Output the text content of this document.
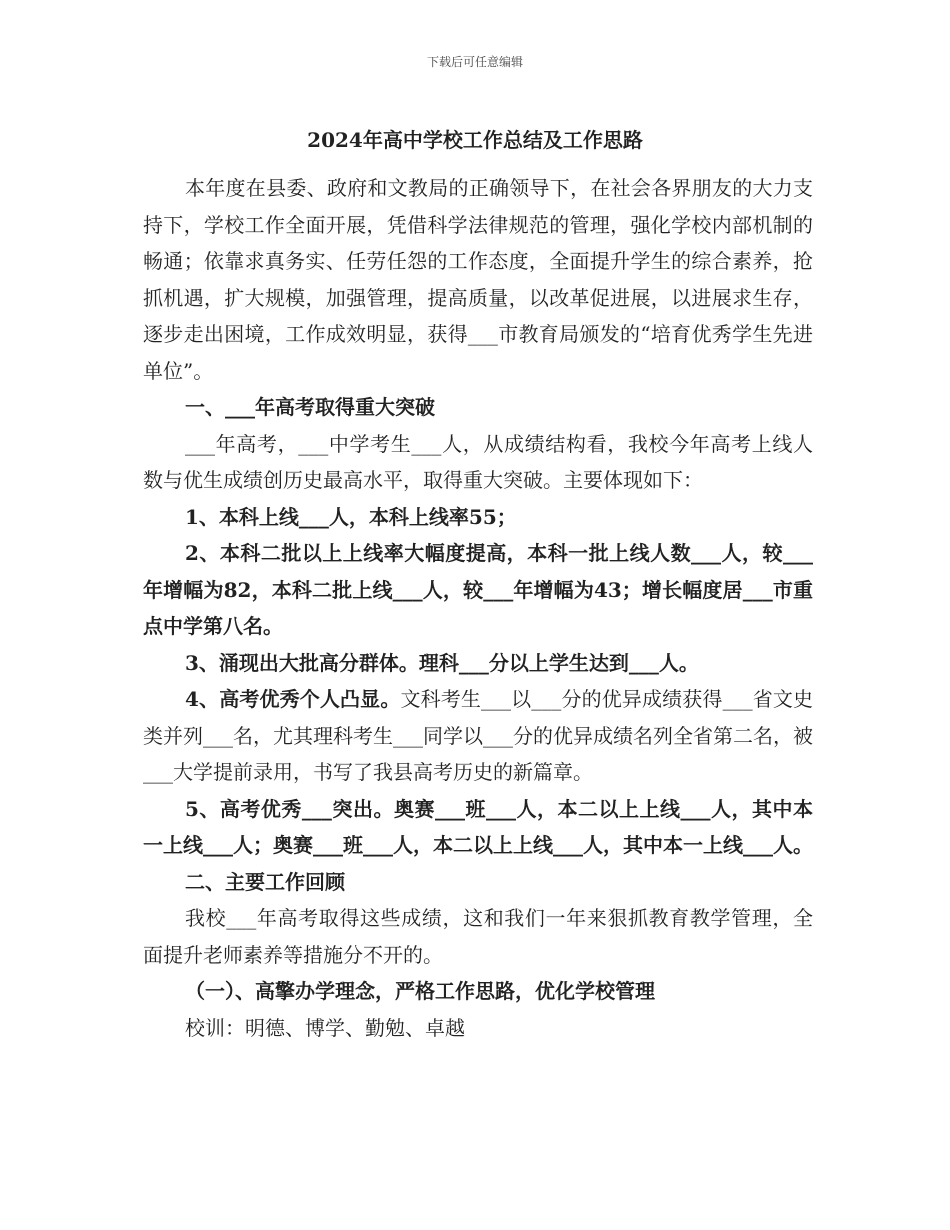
下载后可任意编辑
2024年高中学校工作总结及工作思路

本年度在县委、政府和文教局的正确领导下，在社会各界朋友的大力支持下，学校工作全面开展，凭借科学法律规范的管理，强化学校内部机制的畅通；依靠求真务实、任劳任怨的工作态度，全面提升学生的综合素养，抢抓机遇，扩大规模，加强管理，提高质量，以改革促进展，以进展求生存，逐步走出困境，工作成效明显，获得___市教育局颁发的“培育优秀学生先进单位”。

一、___年高考取得重大突破

___年高考，___中学考生___人，从成绩结构看，我校今年高考上线人数与优生成绩创历史最高水平，取得重大突破。主要体现如下：

1、本科上线___人，本科上线率55；

2、本科二批以上上线率大幅度提高，本科一批上线人数___人，较___年增幅为82，本科二批上线___人，较___年增幅为43；增长幅度居___市重点中学第八名。

3、涌现出大批高分群体。理科___分以上学生达到___人。

4、高考优秀个人凸显。文科考生___以___分的优异成绩获得___省文史类并列___名，尤其理科考生___同学以___分的优异成绩名列全省第二名，被___大学提前录用，书写了我县高考历史的新篇章。

5、高考优秀___突出。奥赛___班___人，本二以上上线___人，其中本一上线___人；奥赛___班___人，本二以上上线___人，其中本一上线___人。

二、主要工作回顾

我校___年高考取得这些成绩，这和我们一年来狠抓教育教学管理，全面提升老师素养等措施分不开的。

（一）、高擎办学理念，严格工作思路，优化学校管理

校训：明德、博学、勤勉、卓越
